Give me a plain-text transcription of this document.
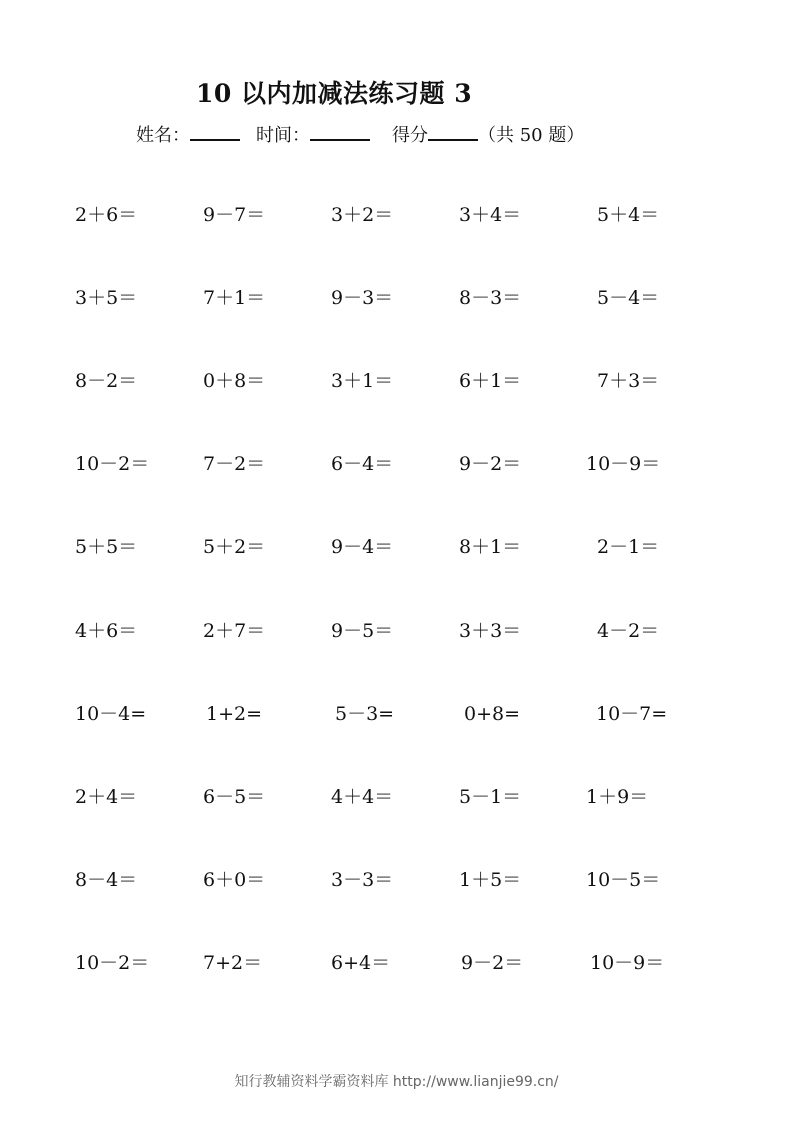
10 以内加减法练习题 3
姓名：	时间：	得分	（共 50 题）
2＋6＝	9－7＝	3＋2＝	3＋4＝	5＋4＝
3＋5＝	7＋1＝	9－3＝	8－3＝	5－4＝
8－2＝	0＋8＝	3＋1＝	6＋1＝	7＋3＝
10－2＝	7－2＝	6－4＝	9－2＝	10－9＝
5＋5＝	5＋2＝	9－4＝	8＋1＝	2－1＝
4＋6＝	2＋7＝	9－5＝	3＋3＝	4－2＝
10－4=	1+2=	5－3=	0+8=	10－7=
2＋4＝	6－5＝	4＋4＝	5－1＝	1＋9＝
8－4＝	6＋0＝	3－3＝	1＋5＝	10－5＝
10－2＝	7+2＝	6+4＝	9－2＝	10－9＝
知行教辅资料学霸资料库 http://www.lianjie99.cn/
